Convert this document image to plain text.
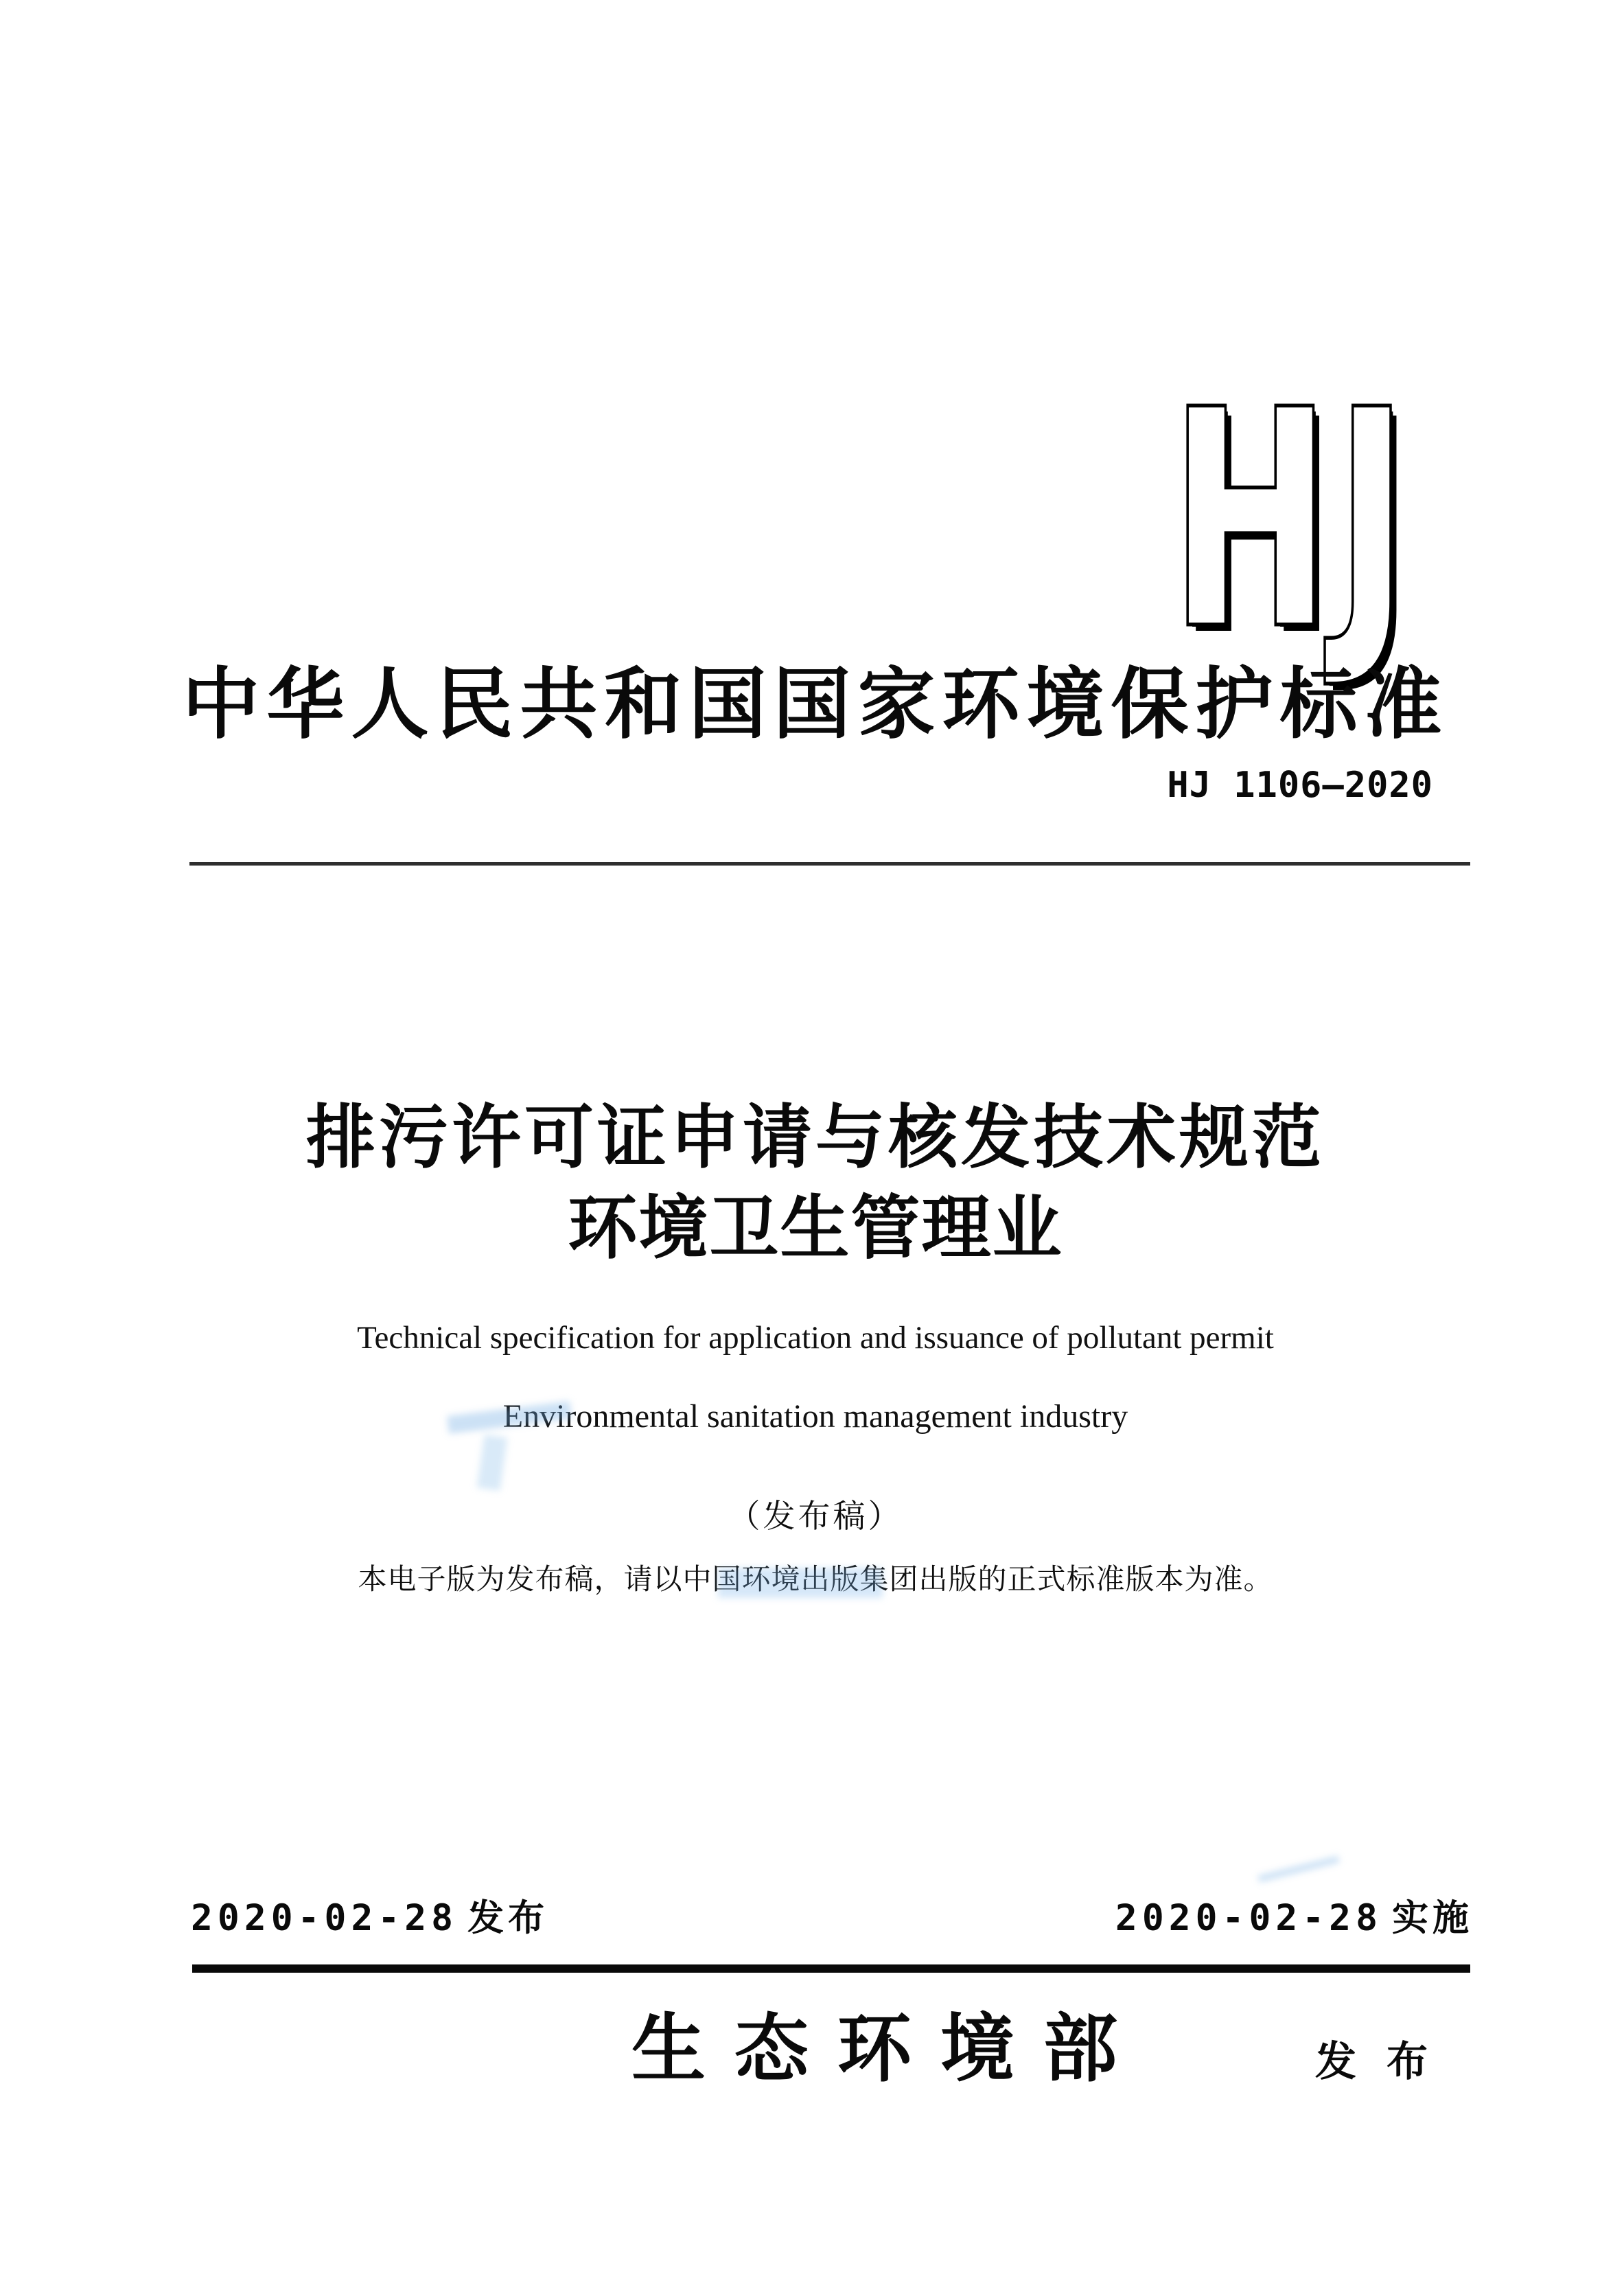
HJ
中华人民共和国国家环境保护标准
HJ 1106—2020
排污许可证申请与核发技术规范
环境卫生管理业
Technical specification for application and issuance of pollutant permit
Environmental sanitation management industry
（发布稿）
本电子版为发布稿，请以中国环境出版集团出版的正式标准版本为准。
2020-02-28 发布	2020-02-28 实施
生态环境部	发布
